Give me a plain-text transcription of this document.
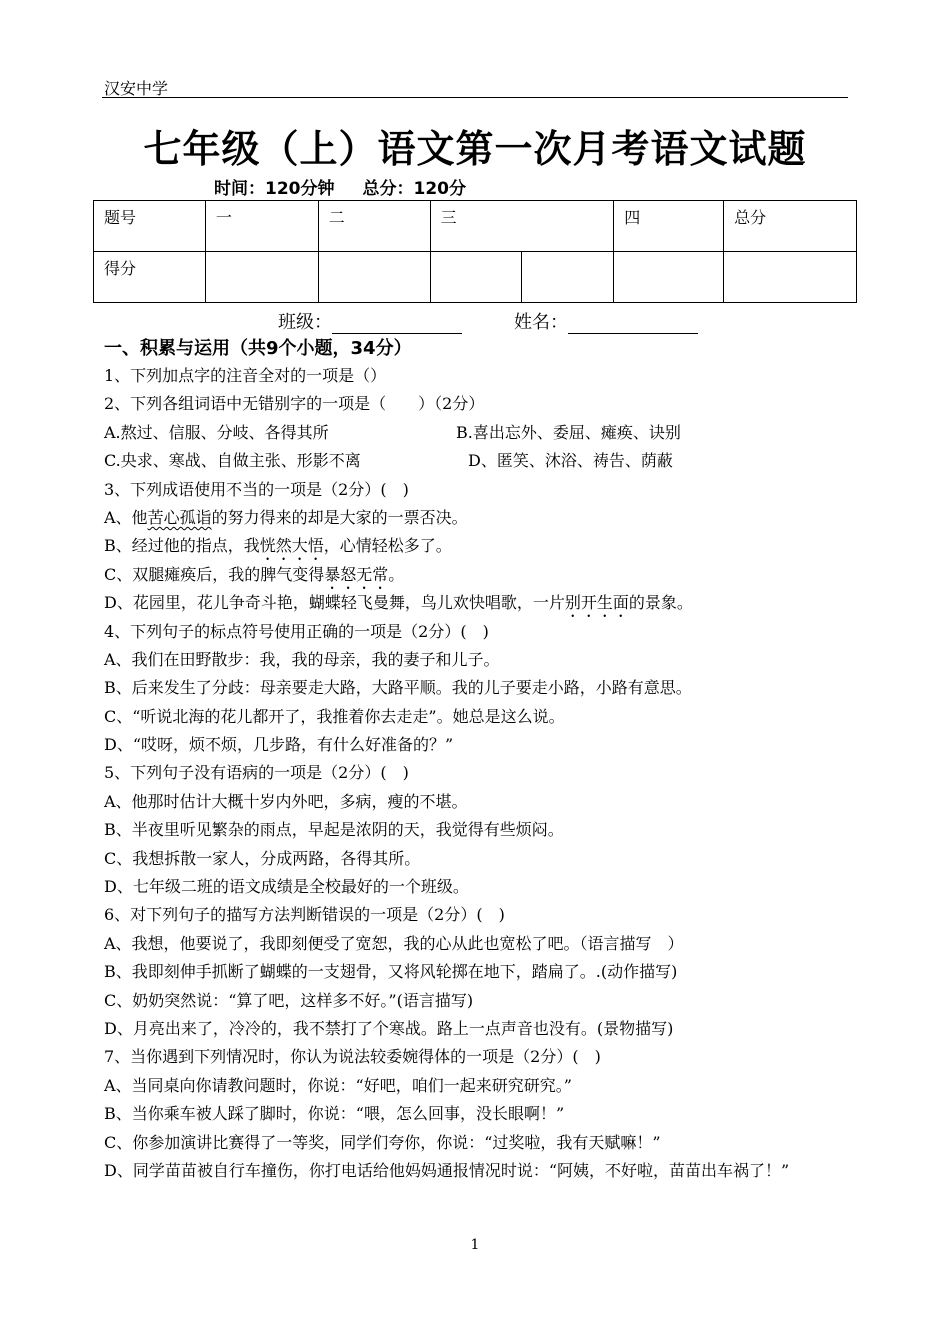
汉安中学
七年级（上）语文第一次月考语文试题
时间：120分钟 总分：120分
题号	一	二	三		四	总分
得分						
班级：	姓名：
一、积累与运用（共9个小题，34分）
1、下列加点字的注音全对的一项是（）
2、下列各组词语中无错别字的一项是（　　）（2分）
A.熬过、信服、分岐、各得其所	B.喜出忘外、委屈、瘫痪、诀别
C.央求、寒战、自做主张、形影不离	D、匿笑、沐浴、祷告、荫蔽
3、下列成语使用不当的一项是（2分）(　)
A、他苦心孤诣的努力得来的却是大家的一票否决。
B、经过他的指点，我恍然大悟，心情轻松多了。
C、双腿瘫痪后，我的脾气变得暴怒无常。
D、花园里，花儿争奇斗艳，蝴蝶轻飞曼舞，鸟儿欢快唱歌，一片别开生面的景象。
4、下列句子的标点符号使用正确的一项是（2分）(　)
A、我们在田野散步：我，我的母亲，我的妻子和儿子。
B、后来发生了分歧：母亲要走大路，大路平顺。我的儿子要走小路，小路有意思。
C、“听说北海的花儿都开了，我推着你去走走”。她总是这么说。
D、“哎呀，烦不烦，几步路，有什么好准备的？”
5、下列句子没有语病的一项是（2分）(　)
A、他那时估计大概十岁内外吧，多病，瘦的不堪。
B、半夜里听见繁杂的雨点，早起是浓阴的天，我觉得有些烦闷。
C、我想拆散一家人，分成两路，各得其所。
D、七年级二班的语文成绩是全校最好的一个班级。
6、对下列句子的描写方法判断错误的一项是（2分）(　)
A、我想，他要说了，我即刻便受了宽恕，我的心从此也宽松了吧。（语言描写　）
B、我即刻伸手抓断了蝴蝶的一支翅骨，又将风轮掷在地下，踏扁了。.(动作描写)
C、奶奶突然说：“算了吧，这样多不好。”(语言描写)
D、月亮出来了，冷冷的，我不禁打了个寒战。路上一点声音也没有。(景物描写)
7、当你遇到下列情况时，你认为说法较委婉得体的一项是（2分）(　)
A、当同桌向你请教问题时，你说：“好吧，咱们一起来研究研究。”
B、当你乘车被人踩了脚时，你说：“喂，怎么回事，没长眼啊！”
C、你参加演讲比赛得了一等奖，同学们夸你，你说：“过奖啦，我有天赋嘛！”
D、同学苗苗被自行车撞伤，你打电话给他妈妈通报情况时说：“阿姨，不好啦，苗苗出车祸了！”
1
